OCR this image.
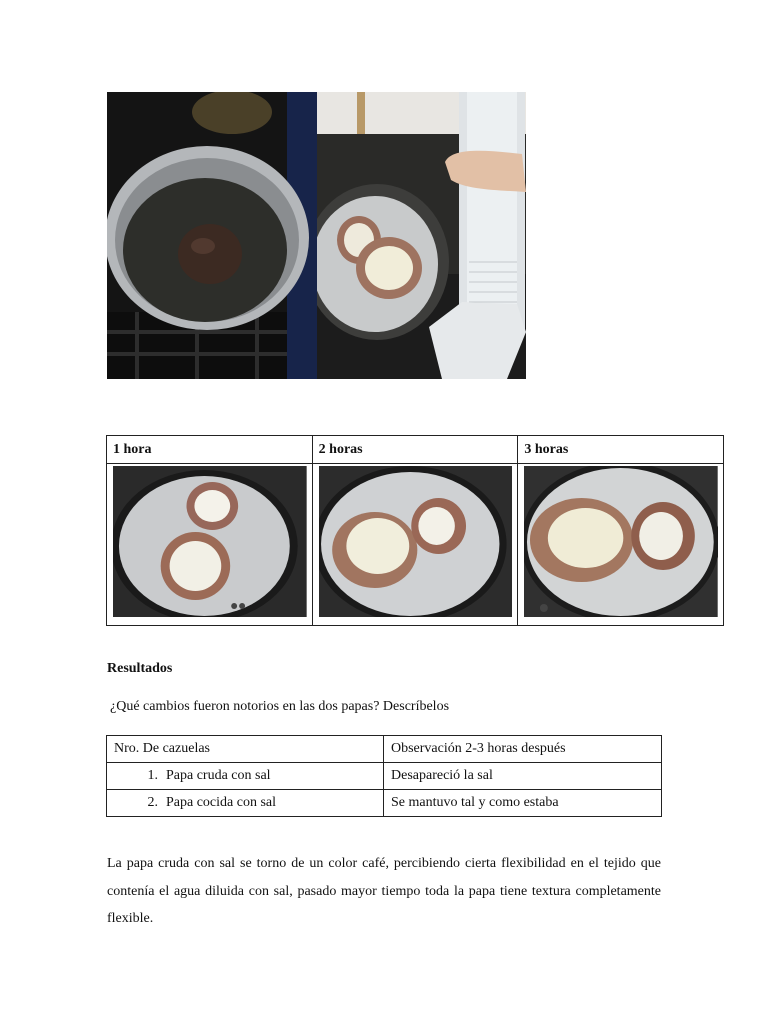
1 hora	2 horas	3 horas

Resultados
¿Qué cambios fueron notorios en las dos papas? Descríbelos
Nro. De cazuelas	Observación 2-3 horas después
1. Papa cruda con sal	Desapareció la sal
2. Papa cocida con sal	Se mantuvo tal y como estaba
La papa cruda con sal se torno de un color café, percibiendo cierta flexibilidad en el tejido que contenía el agua diluida con sal, pasado mayor tiempo toda la papa tiene textura completamente flexible.
